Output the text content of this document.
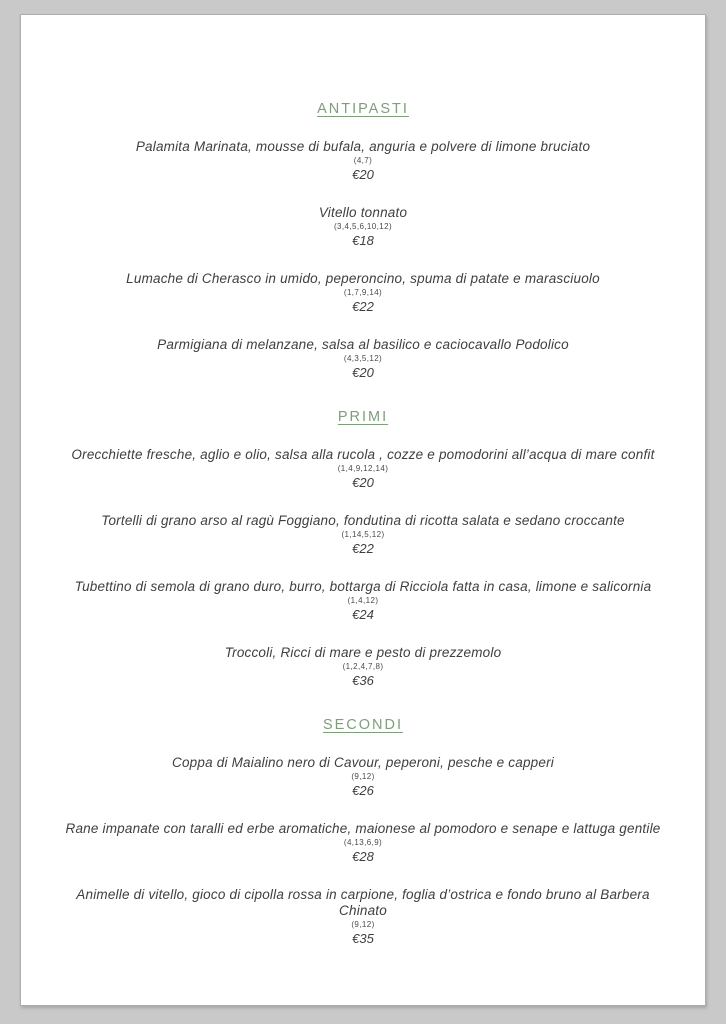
ANTIPASTI
Palamita Marinata, mousse di bufala, anguria e polvere di limone bruciato
(4,7)
€20
Vitello tonnato
(3,4,5,6,10,12)
€18
Lumache di Cherasco in umido, peperoncino, spuma di patate e marasciuolo
(1,7,9,14)
€22
Parmigiana di melanzane, salsa al basilico e caciocavallo Podolico
(4,3,5,12)
€20
PRIMI
Orecchiette fresche, aglio e olio, salsa alla rucola , cozze e pomodorini all’acqua di mare confit
(1,4,9,12,14)
€20
Tortelli di grano arso al ragù Foggiano, fondutina di ricotta salata e sedano croccante
(1,14,5,12)
€22
Tubettino di semola di grano duro, burro, bottarga di Ricciola fatta in casa, limone e salicornia
(1,4,12)
€24
Troccoli, Ricci di mare e pesto di prezzemolo
(1,2,4,7,8)
€36
SECONDI
Coppa di Maialino nero di Cavour, peperoni, pesche e capperi
(9,12)
€26
Rane impanate con taralli ed erbe aromatiche, maionese al pomodoro e senape e lattuga gentile
(4,13,6,9)
€28
Animelle di vitello, gioco di cipolla rossa in carpione, foglia d’ostrica e fondo bruno al Barbera Chinato
(9,12)
€35
